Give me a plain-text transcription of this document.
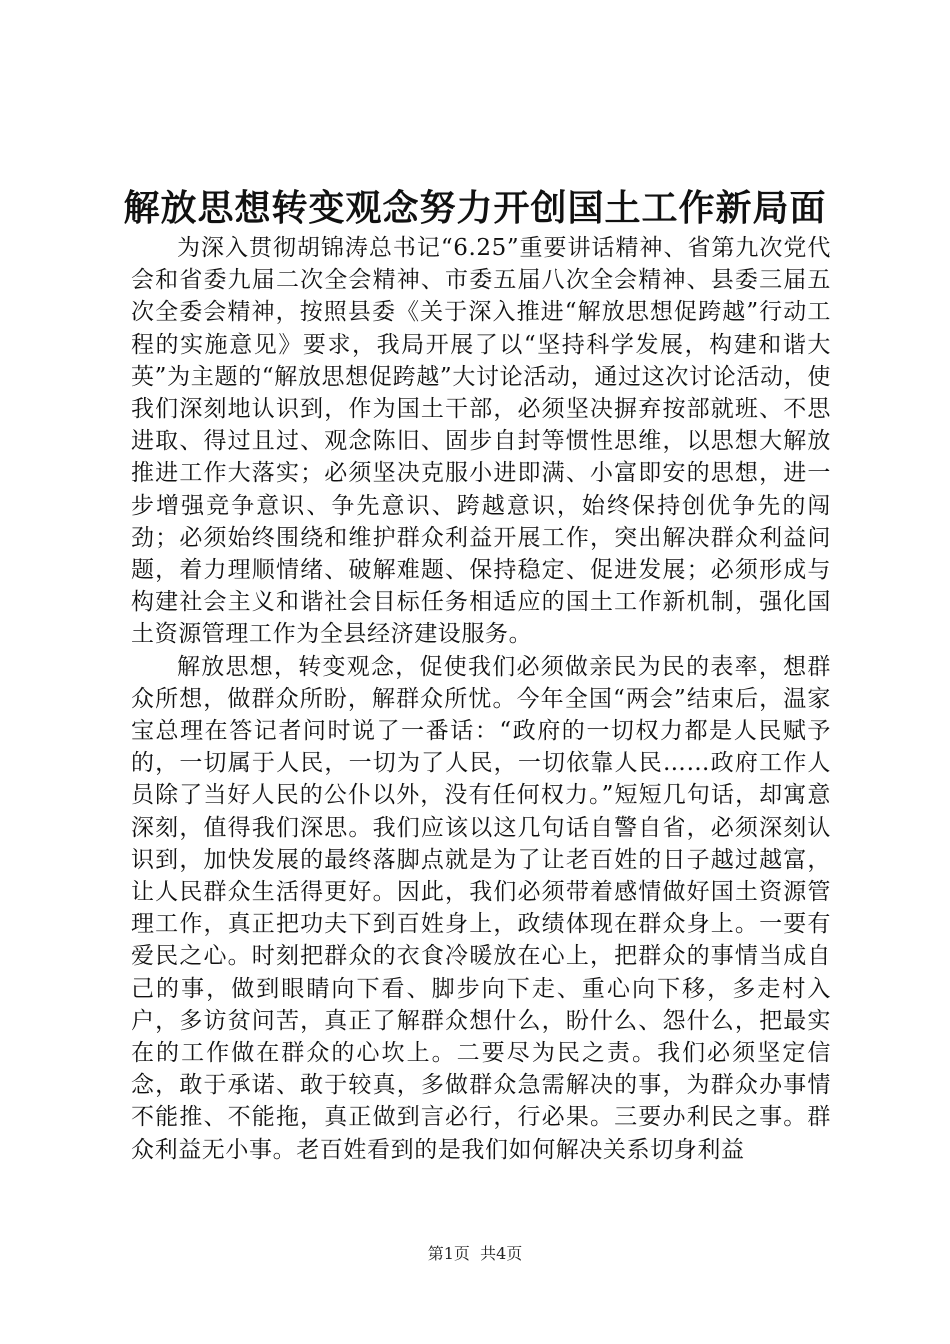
解放思想转变观念努力开创国土工作新局面

为深入贯彻胡锦涛总书记“6.25”重要讲话精神、省第九次党代会和省委九届二次全会精神、市委五届八次全会精神、县委三届五次全委会精神，按照县委《关于深入推进“解放思想促跨越”行动工程的实施意见》要求，我局开展了以“坚持科学发展，构建和谐大英”为主题的“解放思想促跨越”大讨论活动，通过这次讨论活动，使我们深刻地认识到，作为国土干部，必须坚决摒弃按部就班、不思进取、得过且过、观念陈旧、固步自封等惯性思维，以思想大解放推进工作大落实；必须坚决克服小进即满、小富即安的思想，进一步增强竞争意识、争先意识、跨越意识，始终保持创优争先的闯劲；必须始终围绕和维护群众利益开展工作，突出解决群众利益问题，着力理顺情绪、破解难题、保持稳定、促进发展；必须形成与构建社会主义和谐社会目标任务相适应的国土工作新机制，强化国土资源管理工作为全县经济建设服务。

解放思想，转变观念，促使我们必须做亲民为民的表率，想群众所想，做群众所盼，解群众所忧。今年全国“两会”结束后，温家宝总理在答记者问时说了一番话：“政府的一切权力都是人民赋予的，一切属于人民，一切为了人民，一切依靠人民……政府工作人员除了当好人民的公仆以外，没有任何权力。”短短几句话，却寓意深刻，值得我们深思。我们应该以这几句话自警自省，必须深刻认识到，加快发展的最终落脚点就是为了让老百姓的日子越过越富，让人民群众生活得更好。因此，我们必须带着感情做好国土资源管理工作，真正把功夫下到百姓身上，政绩体现在群众身上。一要有爱民之心。时刻把群众的衣食冷暖放在心上，把群众的事情当成自己的事，做到眼睛向下看、脚步向下走、重心向下移，多走村入户，多访贫问苦，真正了解群众想什么，盼什么、怨什么，把最实在的工作做在群众的心坎上。二要尽为民之责。我们必须坚定信念，敢于承诺、敢于较真，多做群众急需解决的事，为群众办事情不能推、不能拖，真正做到言必行，行必果。三要办利民之事。群众利益无小事。老百姓看到的是我们如何解决关系切身利益

第1页 共4页
